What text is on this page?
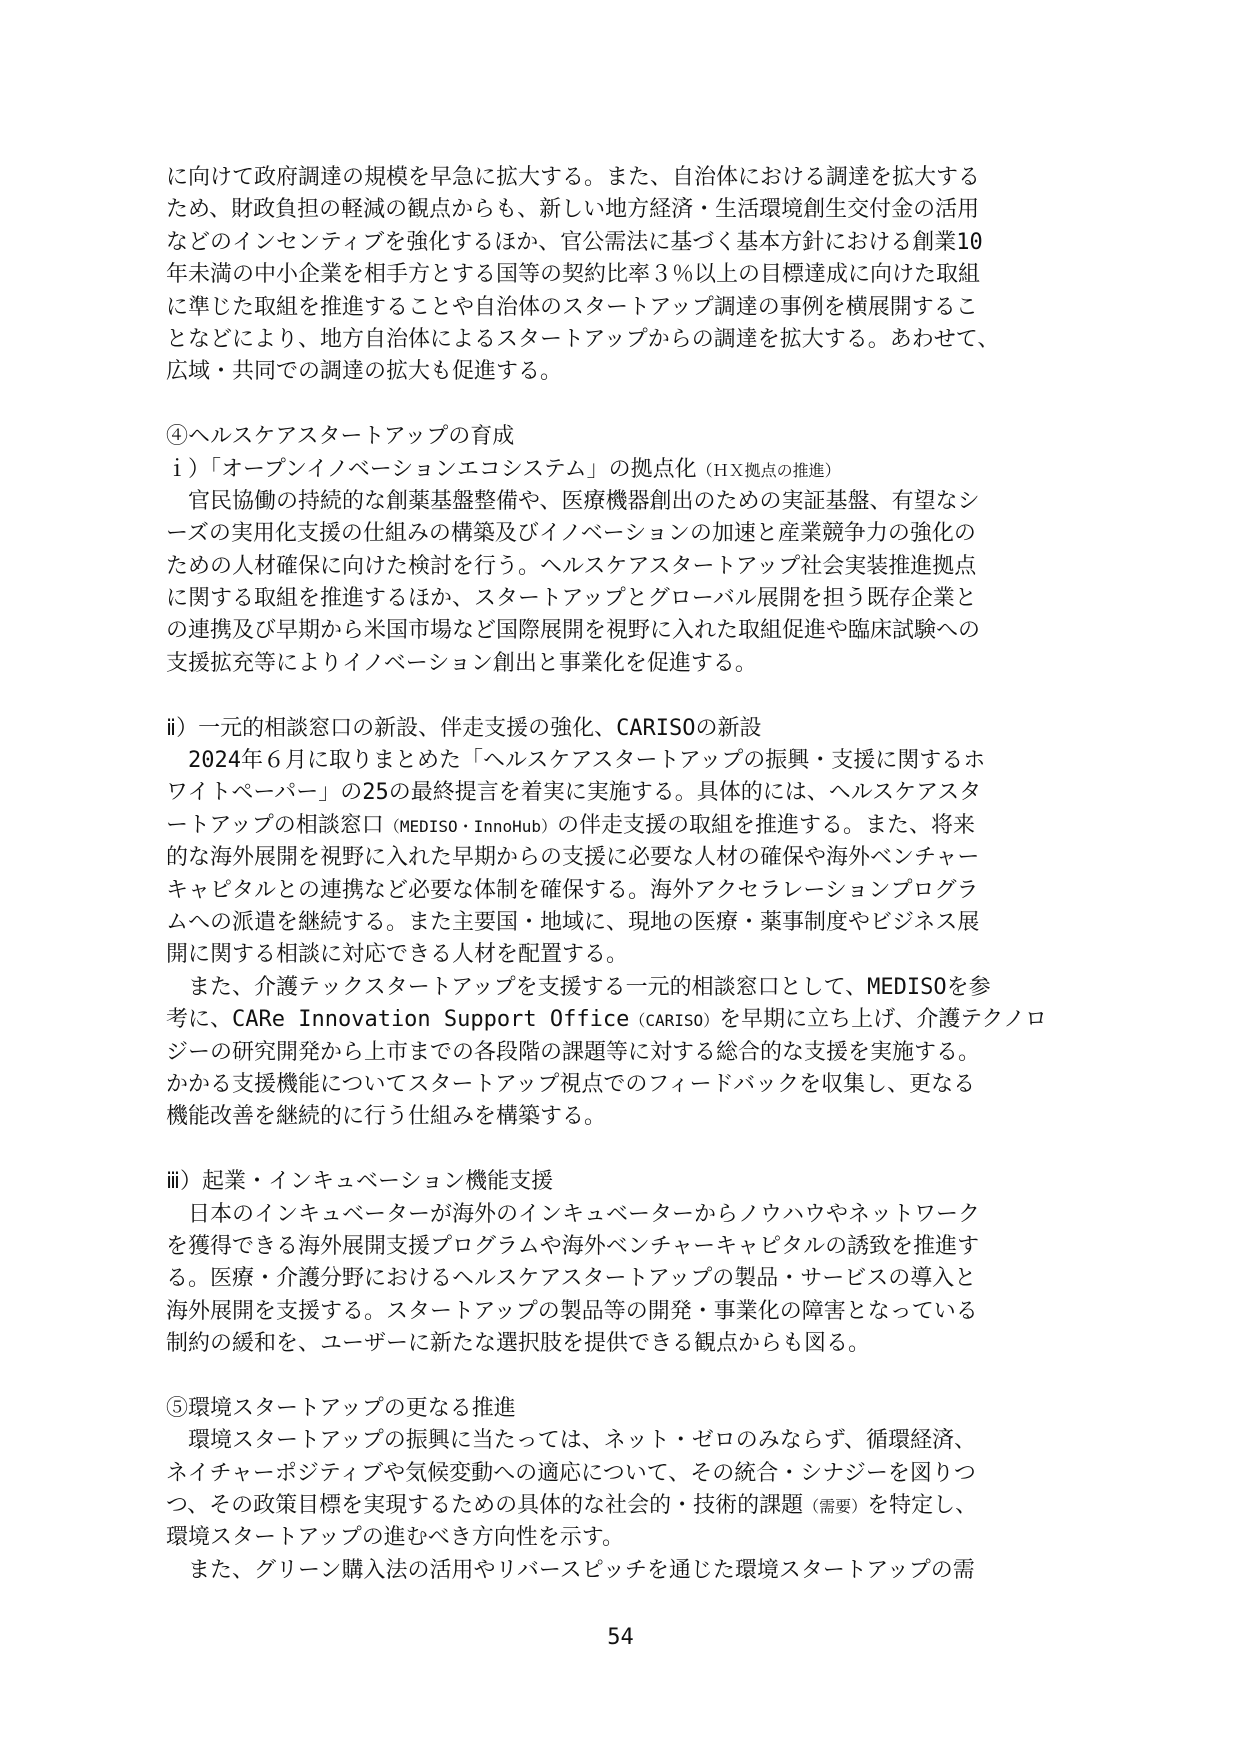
に向けて政府調達の規模を早急に拡大する。また、自治体における調達を拡大する
ため、財政負担の軽減の観点からも、新しい地方経済・生活環境創生交付金の活用
などのインセンティブを強化するほか、官公需法に基づく基本方針における創業10
年未満の中小企業を相手方とする国等の契約比率３％以上の目標達成に向けた取組
に準じた取組を推進することや自治体のスタートアップ調達の事例を横展開するこ
となどにより、地方自治体によるスタートアップからの調達を拡大する。あわせて、
広域・共同での調達の拡大も促進する。
④ヘルスケアスタートアップの育成
ｉ）「オープンイノベーションエコシステム」の拠点化（ＨＸ拠点の推進）
　官民協働の持続的な創薬基盤整備や、医療機器創出のための実証基盤、有望なシ
ーズの実用化支援の仕組みの構築及びイノベーションの加速と産業競争力の強化の
ための人材確保に向けた検討を行う。ヘルスケアスタートアップ社会実装推進拠点
に関する取組を推進するほか、スタートアップとグローバル展開を担う既存企業と
の連携及び早期から米国市場など国際展開を視野に入れた取組促進や臨床試験への
支援拡充等によりイノベーション創出と事業化を促進する。
ⅱ）一元的相談窓口の新設、伴走支援の強化、CARISOの新設
　2024年６月に取りまとめた「ヘルスケアスタートアップの振興・支援に関するホ
ワイトペーパー」の25の最終提言を着実に実施する。具体的には、ヘルスケアスタ
ートアップの相談窓口（MEDISO・InnoHub）の伴走支援の取組を推進する。また、将来
的な海外展開を視野に入れた早期からの支援に必要な人材の確保や海外ベンチャー
キャピタルとの連携など必要な体制を確保する。海外アクセラレーションプログラ
ムへの派遣を継続する。また主要国・地域に、現地の医療・薬事制度やビジネス展
開に関する相談に対応できる人材を配置する。
　また、介護テックスタートアップを支援する一元的相談窓口として、MEDISOを参
考に、CARe Innovation Support Office（CARISO）を早期に立ち上げ、介護テクノロ
ジーの研究開発から上市までの各段階の課題等に対する総合的な支援を実施する。
かかる支援機能についてスタートアップ視点でのフィードバックを収集し、更なる
機能改善を継続的に行う仕組みを構築する。
ⅲ）起業・インキュベーション機能支援
　日本のインキュベーターが海外のインキュベーターからノウハウやネットワーク
を獲得できる海外展開支援プログラムや海外ベンチャーキャピタルの誘致を推進す
る。医療・介護分野におけるヘルスケアスタートアップの製品・サービスの導入と
海外展開を支援する。スタートアップの製品等の開発・事業化の障害となっている
制約の緩和を、ユーザーに新たな選択肢を提供できる観点からも図る。
⑤環境スタートアップの更なる推進
　環境スタートアップの振興に当たっては、ネット・ゼロのみならず、循環経済、
ネイチャーポジティブや気候変動への適応について、その統合・シナジーを図りつ
つ、その政策目標を実現するための具体的な社会的・技術的課題（需要）を特定し、
環境スタートアップの進むべき方向性を示す。
　また、グリーン購入法の活用やリバースピッチを通じた環境スタートアップの需
54
